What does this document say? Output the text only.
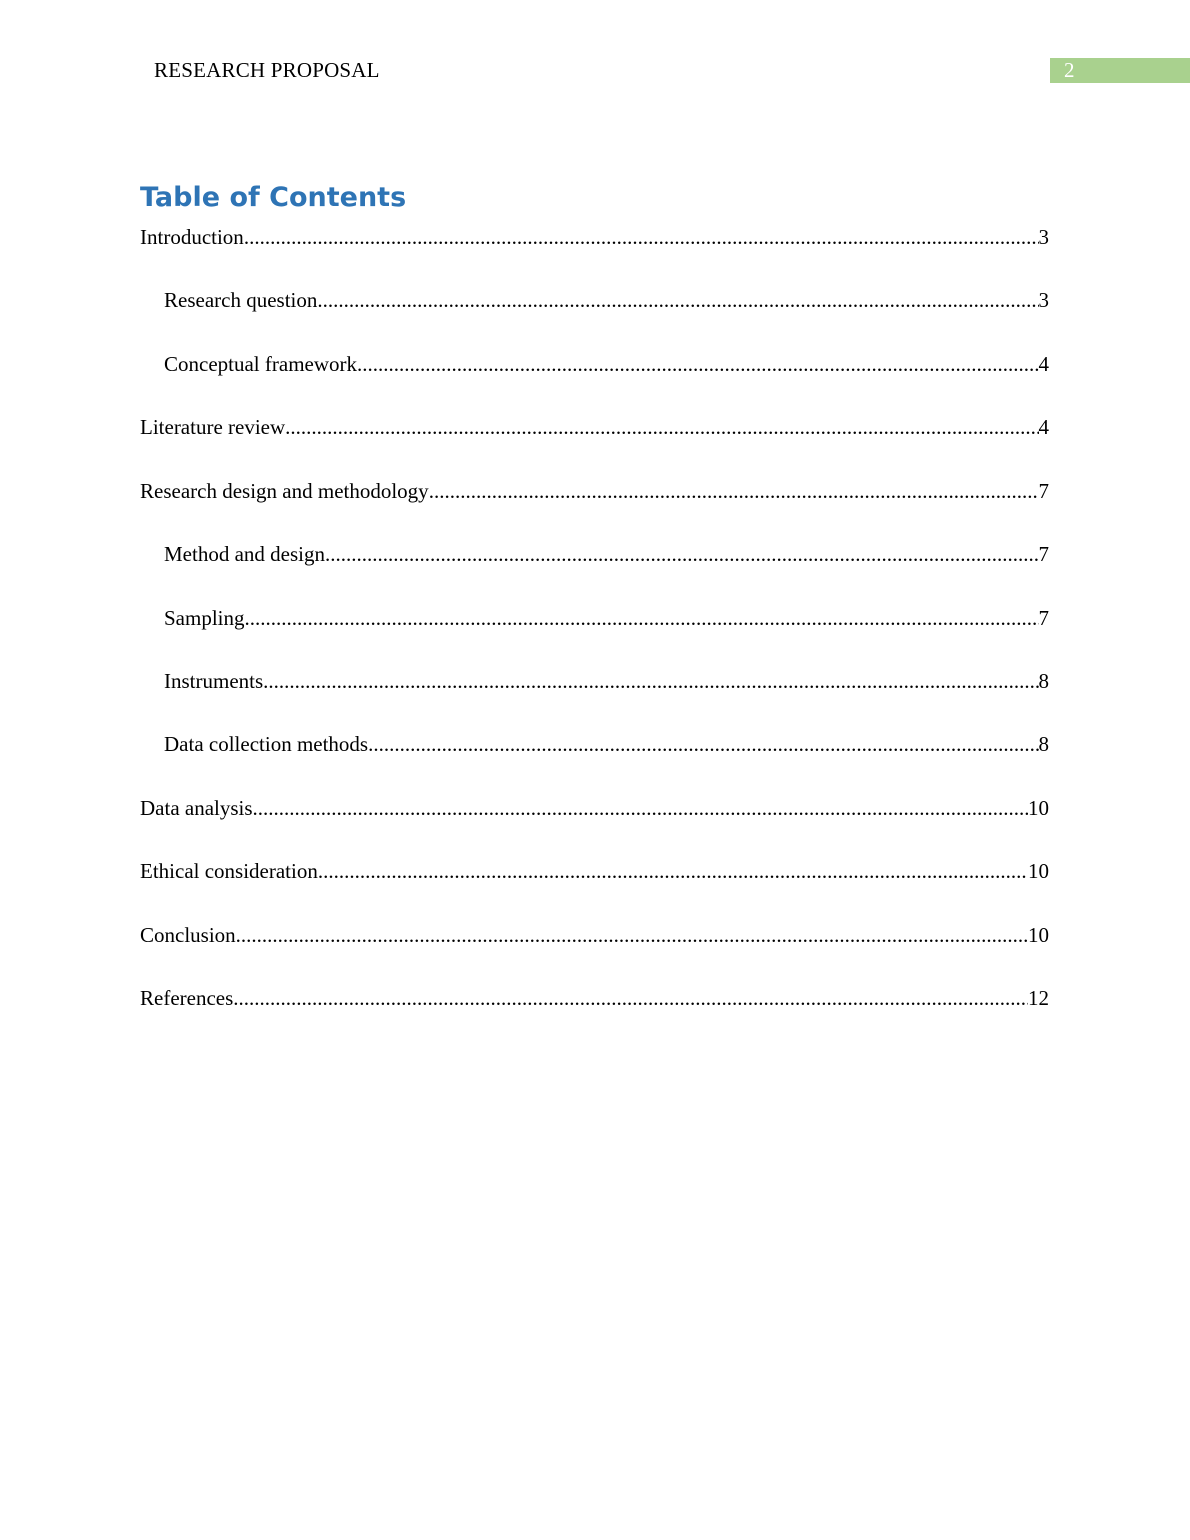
RESEARCH PROPOSAL	2
Table of Contents
Introduction .....	3
Research question .....	3
Conceptual framework .....	4
Literature review .....	4
Research design and methodology .....	7
Method and design .....	7
Sampling .....	7
Instruments .....	8
Data collection methods .....	8
Data analysis .....	10
Ethical consideration .....	10
Conclusion .....	10
References .....	12
